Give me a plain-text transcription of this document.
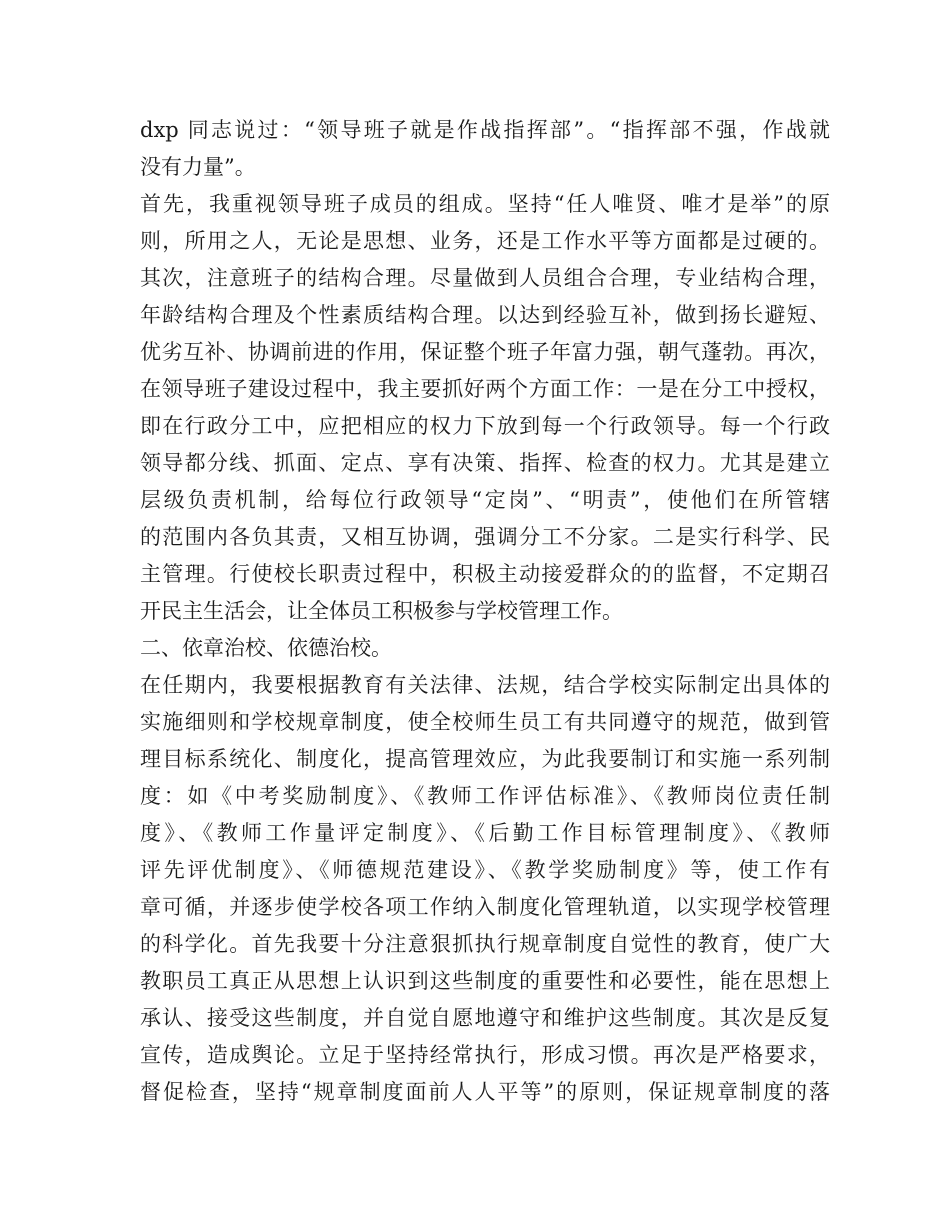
dxp 同志说过：“领导班子就是作战指挥部”。“指挥部不强，作战就
没有力量”。
首先，我重视领导班子成员的组成。坚持“任人唯贤、唯才是举”的原
则，所用之人，无论是思想、业务，还是工作水平等方面都是过硬的。
其次，注意班子的结构合理。尽量做到人员组合合理，专业结构合理，
年龄结构合理及个性素质结构合理。以达到经验互补，做到扬长避短、
优劣互补、协调前进的作用，保证整个班子年富力强，朝气蓬勃。再次，
在领导班子建设过程中，我主要抓好两个方面工作：一是在分工中授权，
即在行政分工中，应把相应的权力下放到每一个行政领导。每一个行政
领导都分线、抓面、定点、享有决策、指挥、检查的权力。尤其是建立
层级负责机制，给每位行政领导“定岗”、“明责”，使他们在所管辖
的范围内各负其责，又相互协调，强调分工不分家。二是实行科学、民
主管理。行使校长职责过程中，积极主动接爱群众的的监督，不定期召
开民主生活会，让全体员工积极参与学校管理工作。
二、依章治校、依德治校。
在任期内，我要根据教育有关法律、法规，结合学校实际制定出具体的
实施细则和学校规章制度，使全校师生员工有共同遵守的规范，做到管
理目标系统化、制度化，提高管理效应，为此我要制订和实施一系列制
度：如《中考奖励制度》、《教师工作评估标准》、《教师岗位责任制
度》、《教师工作量评定制度》、《后勤工作目标管理制度》、《教师
评先评优制度》、《师德规范建设》、《教学奖励制度》等，使工作有
章可循，并逐步使学校各项工作纳入制度化管理轨道，以实现学校管理
的科学化。首先我要十分注意狠抓执行规章制度自觉性的教育，使广大
教职员工真正从思想上认识到这些制度的重要性和必要性，能在思想上
承认、接受这些制度，并自觉自愿地遵守和维护这些制度。其次是反复
宣传，造成舆论。立足于坚持经常执行，形成习惯。再次是严格要求，
督促检查，坚持“规章制度面前人人平等”的原则，保证规章制度的落
